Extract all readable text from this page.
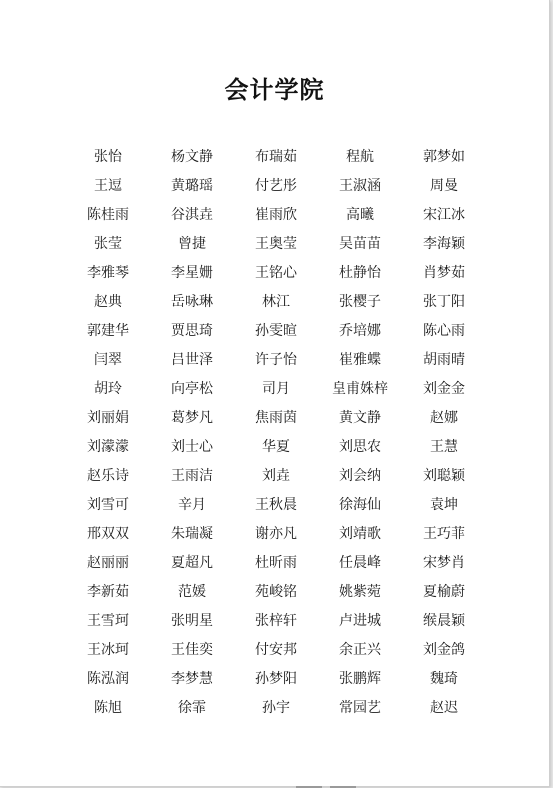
会计学院
张怡	杨文静	布瑞茹	程航	郭梦如
王逗	黄璐瑶	付艺彤	王淑涵	周曼
陈桂雨	谷淇垚	崔雨欣	高曦	宋江冰
张莹	曾捷	王奥莹	吴苗苗	李海颖
李雅琴	李星姗	王铭心	杜静怡	肖梦茹
赵典	岳咏琳	林江	张樱子	张丁阳
郭建华	贾思琦	孙雯暄	乔培娜	陈心雨
闫翠	吕世泽	许子怡	崔雅蝶	胡雨晴
胡玲	向亭松	司月	皇甫姝梓	刘金金
刘丽娟	葛梦凡	焦雨茵	黄文静	赵娜
刘濛濛	刘士心	华夏	刘思农	王慧
赵乐诗	王雨洁	刘垚	刘会纳	刘聪颖
刘雪可	辛月	王秋晨	徐海仙	袁坤
邢双双	朱瑞凝	谢亦凡	刘靖歌	王巧菲
赵丽丽	夏超凡	杜昕雨	任晨峰	宋梦肖
李新茹	范媛	苑峻铭	姚紫菀	夏榆蔚
王雪珂	张明星	张梓轩	卢进城	缑晨颖
王冰珂	王佳奕	付安邦	余正兴	刘金鸽
陈泓润	李梦慧	孙梦阳	张鹏辉	魏琦
陈旭	徐霏	孙宇	常园艺	赵迟
